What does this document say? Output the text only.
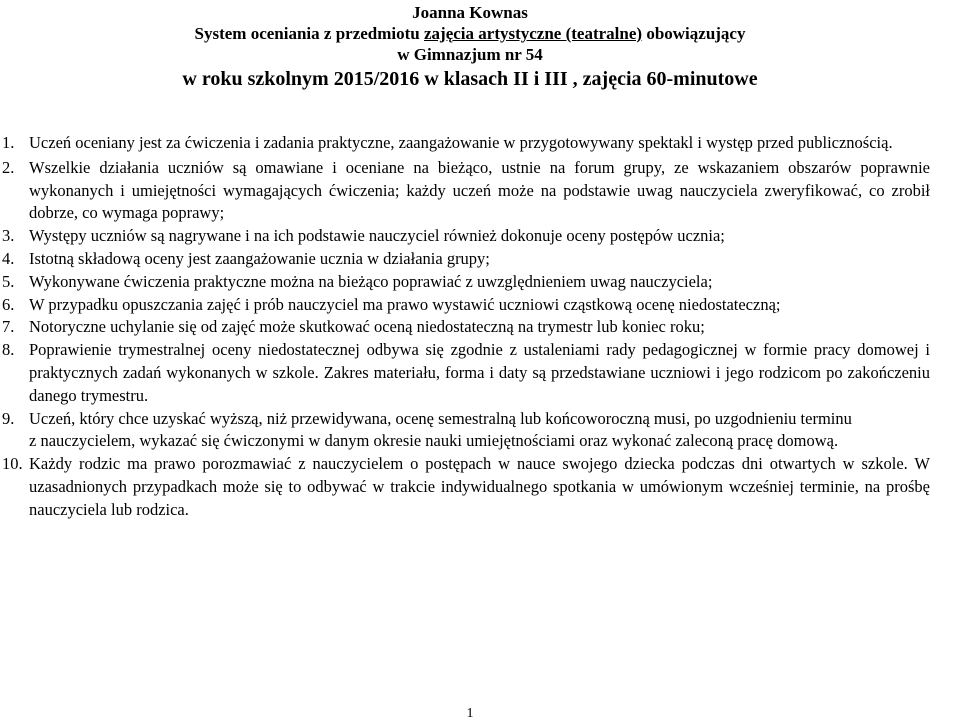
Joanna Kownas
System oceniania z przedmiotu zajęcia artystyczne (teatralne) obowiązujący
w Gimnazjum nr 54
w roku szkolnym 2015/2016 w klasach II i III , zajęcia 60-minutowe
1. Uczeń oceniany jest za ćwiczenia i zadania praktyczne, zaangażowanie w przygotowywany spektakl i występ przed publicznością.
2. Wszelkie działania uczniów są omawiane i oceniane na bieżąco, ustnie na forum grupy, ze wskazaniem obszarów poprawnie wykonanych i umiejętności wymagających ćwiczenia; każdy uczeń może na podstawie uwag nauczyciela zweryfikować, co zrobił dobrze, co wymaga poprawy;
3. Występy uczniów są nagrywane i na ich podstawie nauczyciel również dokonuje oceny postępów ucznia;
4. Istotną składową oceny jest zaangażowanie ucznia w działania grupy;
5. Wykonywane ćwiczenia praktyczne można na bieżąco poprawiać z uwzględnieniem uwag nauczyciela;
6. W przypadku opuszczania zajęć i prób nauczyciel ma prawo wystawić uczniowi cząstkową ocenę niedostateczną;
7. Notoryczne uchylanie się od zajęć może skutkować oceną niedostateczną na trymestr lub koniec roku;
8. Poprawienie trymestralnej oceny niedostatecznej odbywa się zgodnie z ustaleniami rady pedagogicznej w formie pracy domowej i praktycznych zadań wykonanych w szkole. Zakres materiału, forma i daty są przedstawiane uczniowi i jego rodzicom po zakończeniu danego trymestru.
9. Uczeń, który chce uzyskać wyższą, niż przewidywana, ocenę semestralną lub końcoworoczną musi, po uzgodnieniu terminu
z nauczycielem, wykazać się ćwiczonymi w danym okresie nauki umiejętnościami oraz wykonać zaleconą pracę domową.
10. Każdy rodzic ma prawo porozmawiać z nauczycielem o postępach w nauce swojego dziecka podczas dni otwartych w szkole. W uzasadnionych przypadkach może się to odbywać w trakcie indywidualnego spotkania w umówionym wcześniej terminie, na prośbę nauczyciela lub rodzica.
1
